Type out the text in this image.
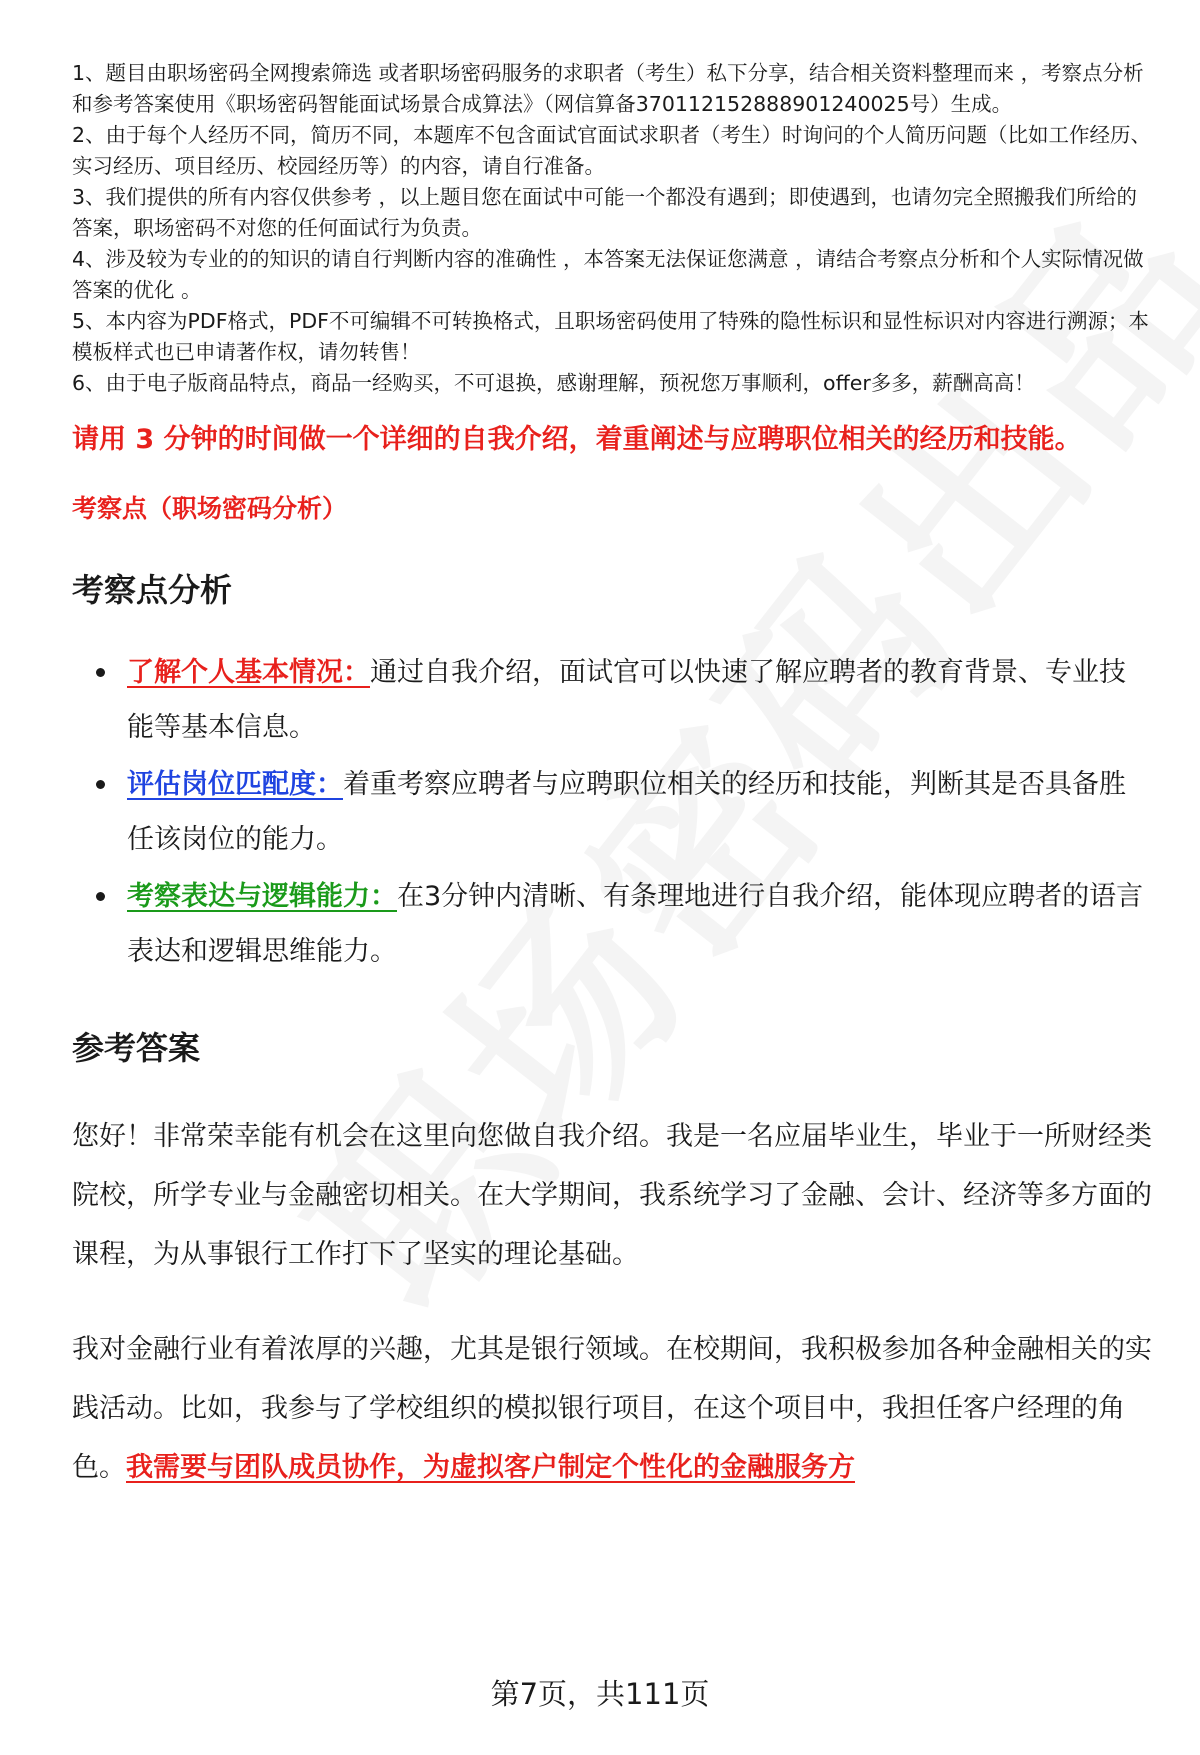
1、题目由职场密码全网搜索筛选 或者职场密码服务的求职者（考生）私下分享，结合相关资料整理而来 ，考察点分析和参考答案使用《职场密码智能面试场景合成算法》（网信算备370112152888901240025号）生成。

2、由于每个人经历不同，简历不同，本题库不包含面试官面试求职者（考生）时询问的个人简历问题（比如工作经历、实习经历、项目经历、校园经历等）的内容，请自行准备。

3、我们提供的所有内容仅供参考 ，以上题目您在面试中可能一个都没有遇到；即使遇到，也请勿完全照搬我们所给的答案，职场密码不对您的任何面试行为负责。

4、涉及较为专业的的知识的请自行判断内容的准确性 ，本答案无法保证您满意 ，请结合考察点分析和个人实际情况做答案的优化 。

5、本内容为PDF格式，PDF不可编辑不可转换格式，且职场密码使用了特殊的隐性标识和显性标识对内容进行溯源；本模板样式也已申请著作权，请勿转售！

6、由于电子版商品特点，商品一经购买，不可退换，感谢理解，预祝您万事顺利，offer多多，薪酬高高！

请用 3 分钟的时间做一个详细的自我介绍，着重阐述与应聘职位相关的经历和技能。

考察点（职场密码分析）

考察点分析
了解个人基本情况：通过自我介绍，面试官可以快速了解应聘者的教育背景、专业技能等基本信息。
评估岗位匹配度：着重考察应聘者与应聘职位相关的经历和技能，判断其是否具备胜任该岗位的能力。
考察表达与逻辑能力：在3分钟内清晰、有条理地进行自我介绍，能体现应聘者的语言表达和逻辑思维能力。
参考答案

您好！非常荣幸能有机会在这里向您做自我介绍。我是一名应届毕业生，毕业于一所财经类院校，所学专业与金融密切相关。在大学期间，我系统学习了金融、会计、经济等多方面的课程，为从事银行工作打下了坚实的理论基础。

我对金融行业有着浓厚的兴趣，尤其是银行领域。在校期间，我积极参加各种金融相关的实践活动。比如，我参与了学校组织的模拟银行项目，在这个项目中，我担任客户经理的角色。我需要与团队成员协作，为虚拟客户制定个性化的金融服务方

第7页，共111页
